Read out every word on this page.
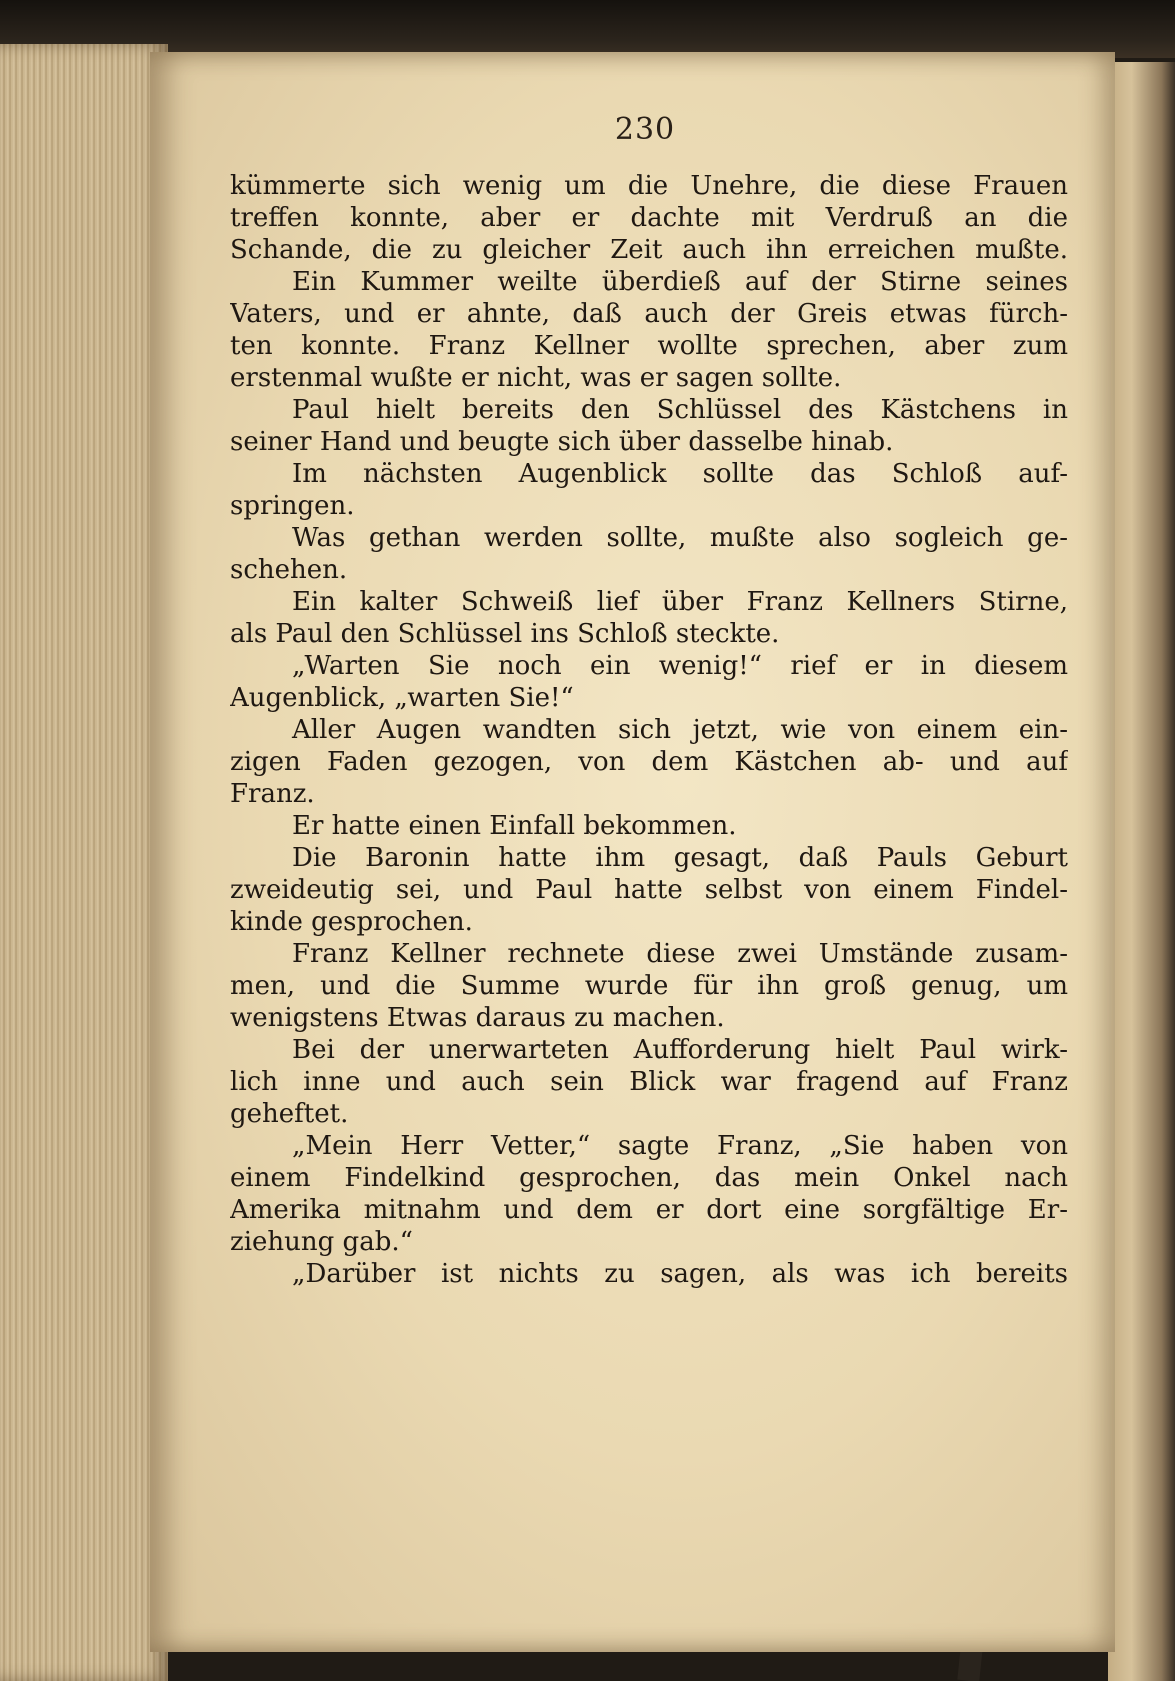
230
kümmerte sich wenig um die Unehre, die diese Frauen
treffen konnte, aber er dachte mit Verdruß an die
Schande, die zu gleicher Zeit auch ihn erreichen mußte.
Ein Kummer weilte überdieß auf der Stirne seines
Vaters, und er ahnte, daß auch der Greis etwas fürch-
ten konnte. Franz Kellner wollte sprechen, aber zum
erstenmal wußte er nicht, was er sagen sollte.
Paul hielt bereits den Schlüssel des Kästchens in
seiner Hand und beugte sich über dasselbe hinab.
Im nächsten Augenblick sollte das Schloß auf-
springen.
Was gethan werden sollte, mußte also sogleich ge-
schehen.
Ein kalter Schweiß lief über Franz Kellners Stirne,
als Paul den Schlüssel ins Schloß steckte.
„Warten Sie noch ein wenig!“ rief er in diesem
Augenblick, „warten Sie!“
Aller Augen wandten sich jetzt, wie von einem ein-
zigen Faden gezogen, von dem Kästchen ab- und auf
Franz.
Er hatte einen Einfall bekommen.
Die Baronin hatte ihm gesagt, daß Pauls Geburt
zweideutig sei, und Paul hatte selbst von einem Findel-
kinde gesprochen.
Franz Kellner rechnete diese zwei Umstände zusam-
men, und die Summe wurde für ihn groß genug, um
wenigstens Etwas daraus zu machen.
Bei der unerwarteten Aufforderung hielt Paul wirk-
lich inne und auch sein Blick war fragend auf Franz
geheftet.
„Mein Herr Vetter,“ sagte Franz, „Sie haben von
einem Findelkind gesprochen, das mein Onkel nach
Amerika mitnahm und dem er dort eine sorgfältige Er-
ziehung gab.“
„Darüber ist nichts zu sagen, als was ich bereits
